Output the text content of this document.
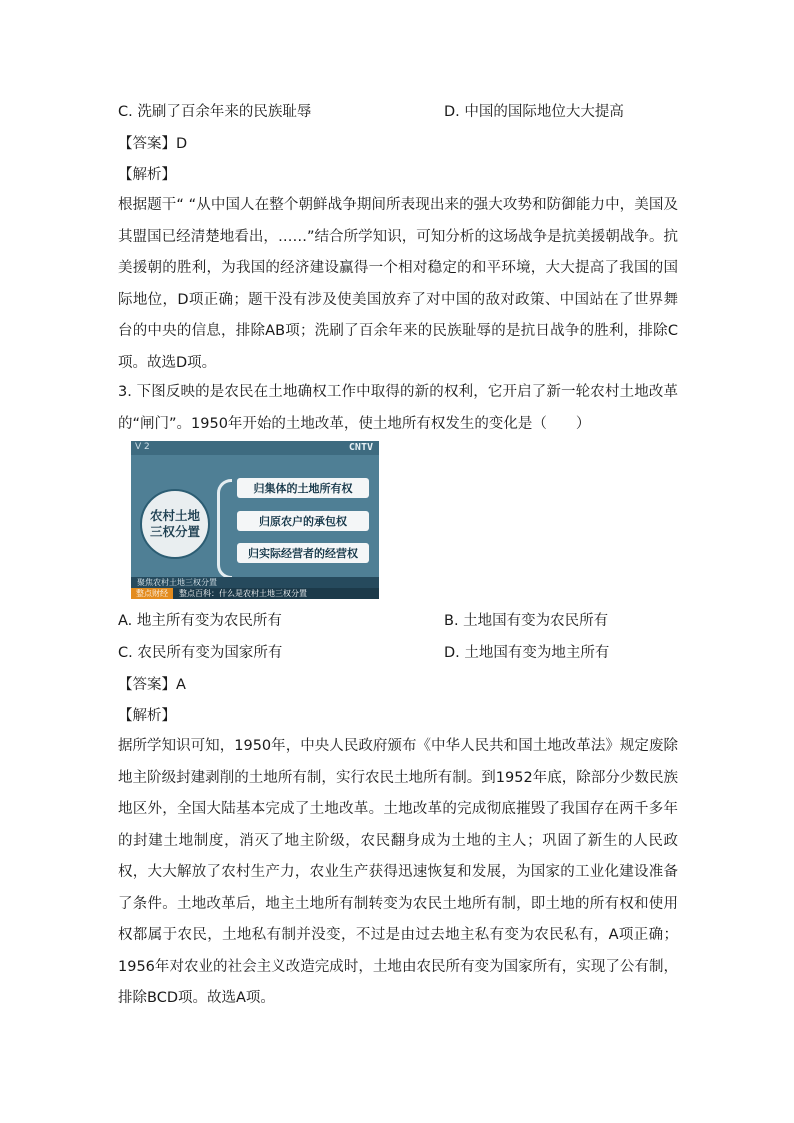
C. 洗刷了百余年来的民族耻辱	D. 中国的国际地位大大提高
【答案】D
【解析】
根据题干“ “从中国人在整个朝鲜战争期间所表现出来的强大攻势和防御能力中，美国及其盟国已经清楚地看出，……”结合所学知识，可知分析的这场战争是抗美援朝战争。抗美援朝的胜利，为我国的经济建设赢得一个相对稳定的和平环境，大大提高了我国的国际地位，D项正确；题干没有涉及使美国放弃了对中国的敌对政策、中国站在了世界舞台的中央的信息，排除AB项；洗刷了百余年来的民族耻辱的是抗日战争的胜利，排除C项。故选D项。
3. 下图反映的是农民在土地确权工作中取得的新的权利，它开启了新一轮农村土地改革的“闸门”。1950年开始的土地改革，使土地所有权发生的变化是（　　）
V 2	CNTV
农村土地
三权分置
归集体的土地所有权
归原农户的承包权
归实际经营者的经营权
聚焦农村土地三权分置
整点财经 整点百科：什么是农村土地三权分置
A. 地主所有变为农民所有	B. 土地国有变为农民所有
C. 农民所有变为国家所有	D. 土地国有变为地主所有
【答案】A
【解析】
据所学知识可知，1950年，中央人民政府颁布《中华人民共和国土地改革法》规定废除地主阶级封建剥削的土地所有制，实行农民土地所有制。到1952年底，除部分少数民族地区外，全国大陆基本完成了土地改革。土地改革的完成彻底摧毁了我国存在两千多年的封建土地制度，消灭了地主阶级，农民翻身成为土地的主人；巩固了新生的人民政权，大大解放了农村生产力，农业生产获得迅速恢复和发展，为国家的工业化建设准备了条件。土地改革后，地主土地所有制转变为农民土地所有制，即土地的所有权和使用权都属于农民，土地私有制并没变，不过是由过去地主私有变为农民私有，A项正确；1956年对农业的社会主义改造完成时，土地由农民所有变为国家所有，实现了公有制，排除BCD项。故选A项。
